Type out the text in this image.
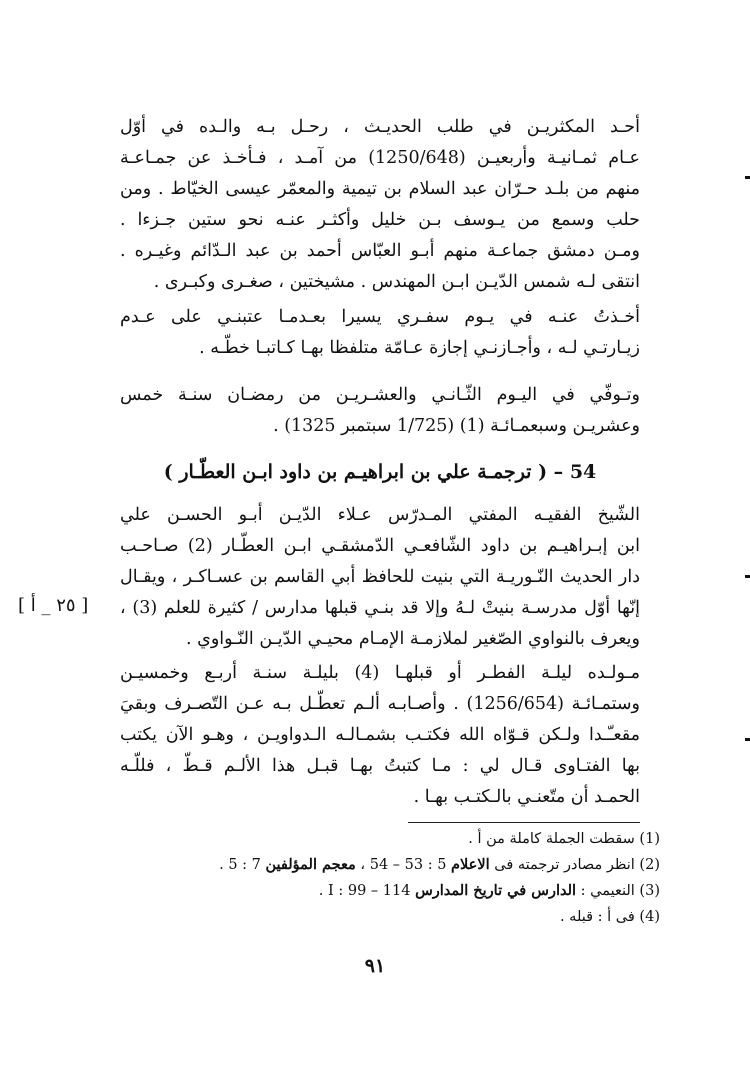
أحـد المكثريـن في طلب الحديـث ، رحـل بـه والـده في أوّل
عـام ثمـانيـة وأربعيـن (1250/648) من آمـد ، فـأخـذ عن جمـاعـة
منهم من بلـد حـرّان عبد السلام بن تيمية والمعمّر عيسى الخيّاط . ومن
حلب وسمع من يـوسف بـن خليل وأكثـر عنـه نحو ستين جـزءا .
ومـن دمشق جماعـة منهم أبـو العبّاس أحمد بن عبد الـدّائم وغيـره .
انتقى لـه شمس الدّيـن ابـن المهندس . مشيختين ، صغـرى وكبـرى .
أخـذتُ عنـه في يـوم سفـري يسيرا بعـدمـا عتبنـي على عـدم
زيـارتـي لـه ، وأجـازنـي إجازة عـامّة متلفظا بهـا كـاتبـا خطّـه .
وتـوفّي في اليـوم الثّـانـي والعشـريـن من رمضـان سنـة خمس
وعشريـن وسبعمـائـة (1) (1/725 سبتمبر 1325) .
54 – ( ترجمـة علي بن ابراهيـم بن داود ابـن العطّـار )
الشّيخ الفقيـه المفتي المـدرّس عـلاء الدّيـن أبـو الحسـن علي
ابن إبـراهيـم بن داود الشّافعـي الدّمشقـي ابـن العطّـار (2) صـاحـب
دار الحديث النّـوريـة التي بنيت للحافظ أبي القاسم بن عسـاكـر ، ويقـال
إنّها أوّل مدرسـة بنيتْ لـهُ وإلا قد بنـي قبلها مدارس / كثيرة للعلم (3) ،
ويعرف بالنواوي الصّغير لملازمـة الإمـام محيـي الدّيـن النّـواوي .
[ ٢٥ _ أ ]
مـولـده ليلـة الفطـر أو قبلهـا (4) بليلـة سنـة أربـع وخمسيـن
وستمـائـة (1256/654) . وأصـابـه ألـم تعطّـل بـه عـن التّصـرف وبقيَ
مقعـّـدا ولـكن قـوّاه الله فكتـب بشمـالـه الـدواويـن ، وهـو الآن يكتب
بها الفتـاوى قـال لي : مـا كتبتُ بهـا قبـل هذا الألـم قـطّ ، فللّـه
الحمـد أن متّعنـي بالـكتـب بهـا .
(1) سقطت الجملة كاملة من أ .
(2) انظر مصادر ترجمته فى الاعلام 5 : 53 – 54 ، معجم المؤلفين 7 : 5 .
(3) النعيمي : الدارس في تاريخ المدارس I : 99 – 114 .
(4) فى أ : قبله .
٩١
